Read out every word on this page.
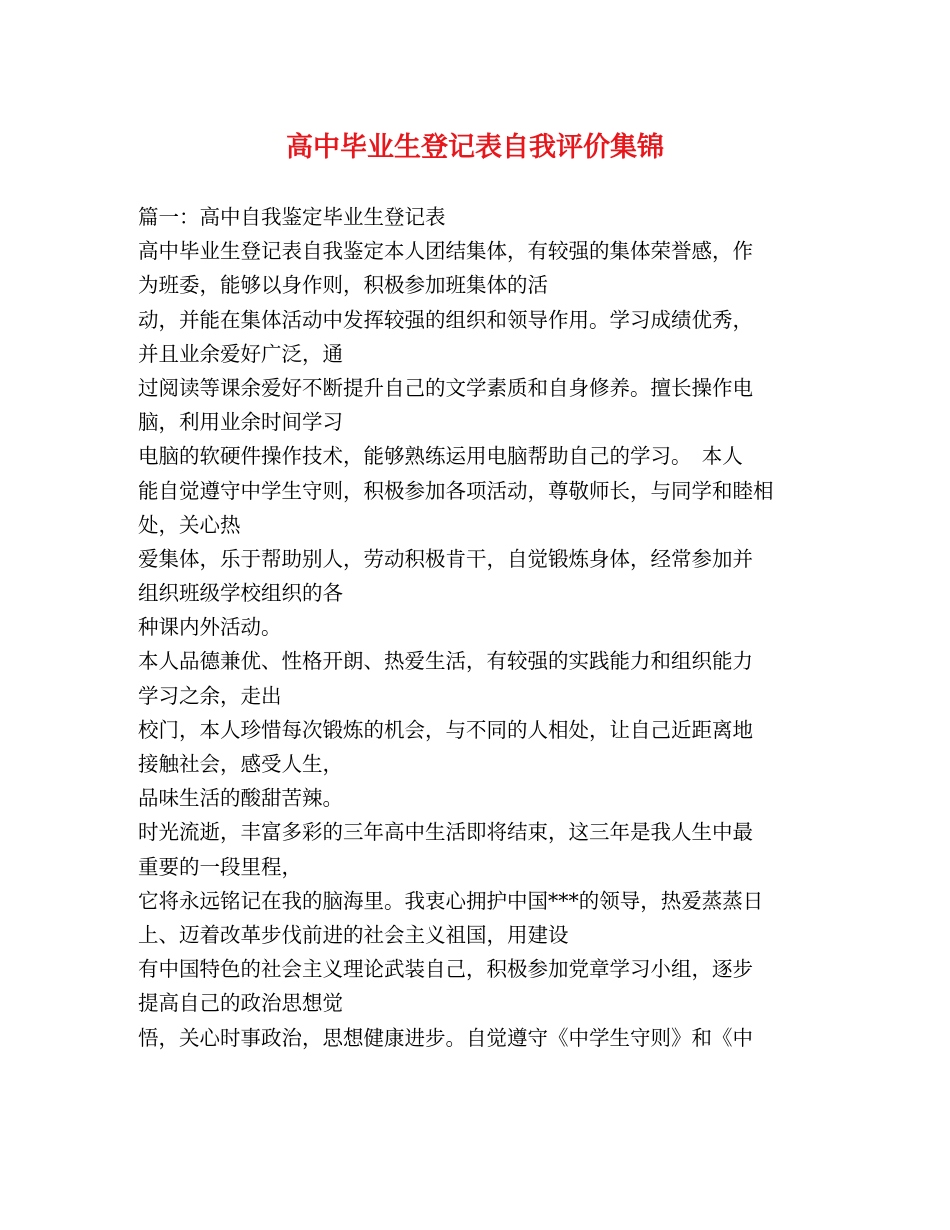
高中毕业生登记表自我评价集锦
篇一：高中自我鉴定毕业生登记表
高中毕业生登记表自我鉴定本人团结集体，有较强的集体荣誉感，作
为班委，能够以身作则，积极参加班集体的活
动，并能在集体活动中发挥较强的组织和领导作用。学习成绩优秀，
并且业余爱好广泛，通
过阅读等课余爱好不断提升自己的文学素质和自身修养。擅长操作电
脑，利用业余时间学习
电脑的软硬件操作技术，能够熟练运用电脑帮助自己的学习。　本人
能自觉遵守中学生守则，积极参加各项活动，尊敬师长，与同学和睦相
处，关心热
爱集体，乐于帮助别人，劳动积极肯干，自觉锻炼身体，经常参加并
组织班级学校组织的各
种课内外活动。
本人品德兼优、性格开朗、热爱生活，有较强的实践能力和组织能力
学习之余，走出
校门，本人珍惜每次锻炼的机会，与不同的人相处，让自己近距离地
接触社会，感受人生，
品味生活的酸甜苦辣。
时光流逝，丰富多彩的三年高中生活即将结束，这三年是我人生中最
重要的一段里程，
它将永远铭记在我的脑海里。我衷心拥护中国***的领导，热爱蒸蒸日
上、迈着改革步伐前进的社会主义祖国，用建设
有中国特色的社会主义理论武装自己，积极参加党章学习小组，逐步
提高自己的政治思想觉
悟，关心时事政治，思想健康进步。自觉遵守《中学生守则》和《中
